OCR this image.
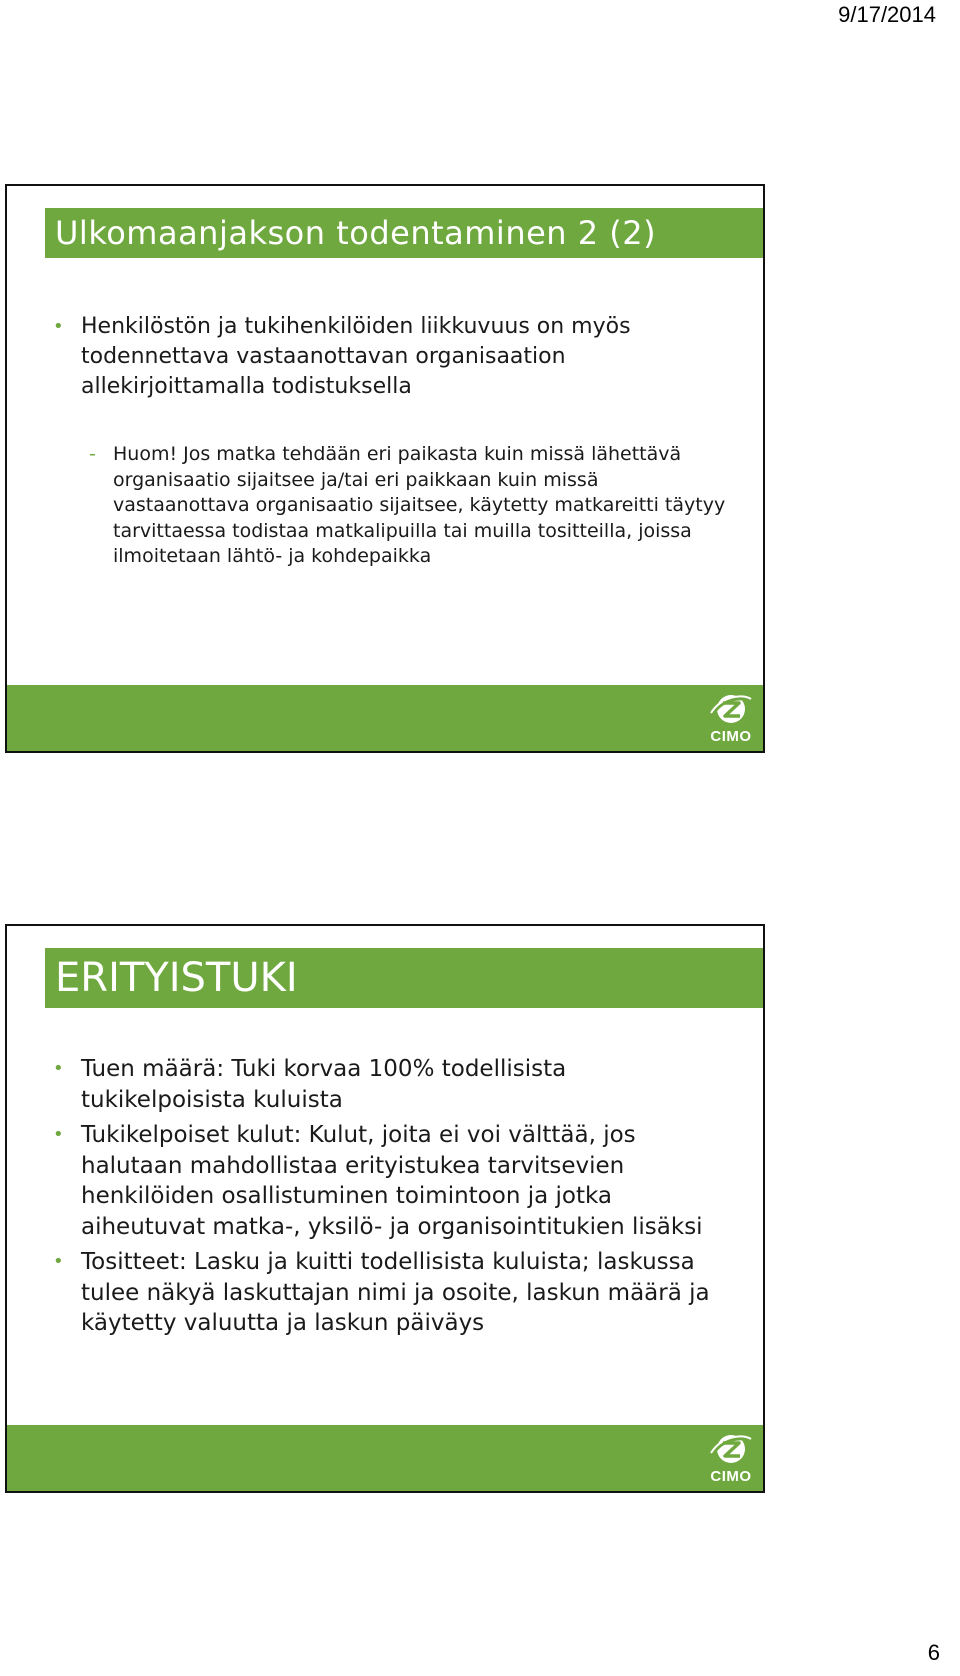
9/17/2014
Ulkomaanjakson todentaminen 2 (2)
• Henkilöstön ja tukihenkilöiden liikkuvuus on myös todennettava vastaanottavan organisaation allekirjoittamalla todistuksella
- Huom! Jos matka tehdään eri paikasta kuin missä lähettävä organisaatio sijaitsee ja/tai eri paikkaan kuin missä vastaanottava organisaatio sijaitsee, käytetty matkareitti täytyy tarvittaessa todistaa matkalipuilla tai muilla tositteilla, joissa ilmoitetaan lähtö- ja kohdepaikka
CIMO
ERITYISTUKI
• Tuen määrä: Tuki korvaa 100% todellisista tukikelpoisista kuluista
• Tukikelpoiset kulut: Kulut, joita ei voi välttää, jos halutaan mahdollistaa erityistukea tarvitsevien henkilöiden osallistuminen toimintoon ja jotka aiheutuvat matka-, yksilö- ja organisointitukien lisäksi
• Tositteet: Lasku ja kuitti todellisista kuluista; laskussa tulee näkyä laskuttajan nimi ja osoite, laskun määrä ja käytetty valuutta ja laskun päiväys
CIMO
6
